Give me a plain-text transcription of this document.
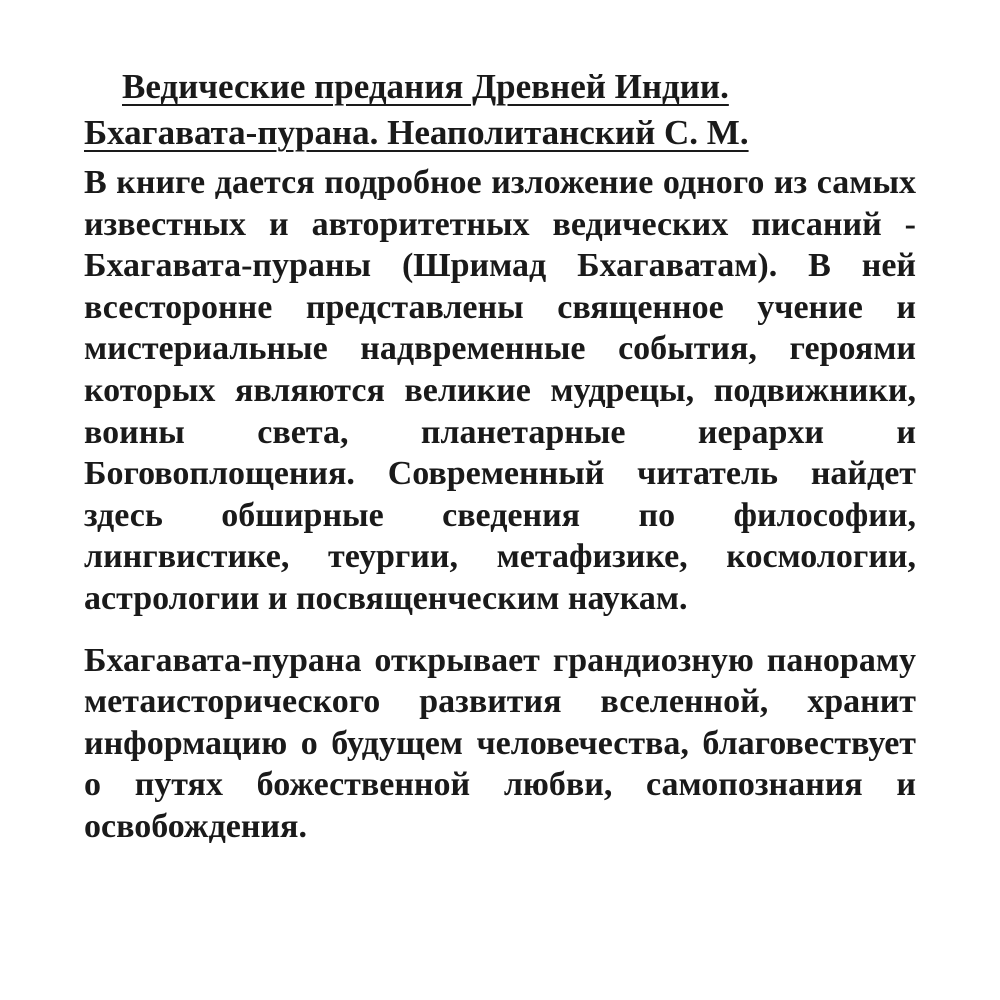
Ведические предания Древней Индии.
Бхагавата-пурана. Неаполитанский С. М.

В книге дается подробное изложение одного из самых известных и авторитетных ведических писаний - Бхагавата-пураны (Шримад Бхагаватам). В ней всесторонне представлены священное учение и мистериальные надвременные события, героями которых являются великие мудрецы, подвижники, воины света, планетарные иерархи и Боговоплощения. Современный читатель найдет здесь обширные сведения по философии, лингвистике, теургии, метафизике, космологии, астрологии и посвященческим наукам.

Бхагавата-пурана открывает грандиозную панораму метаисторического развития вселенной, хранит информацию о будущем человечества, благовествует о путях божественной любви, самопознания и освобождения.
